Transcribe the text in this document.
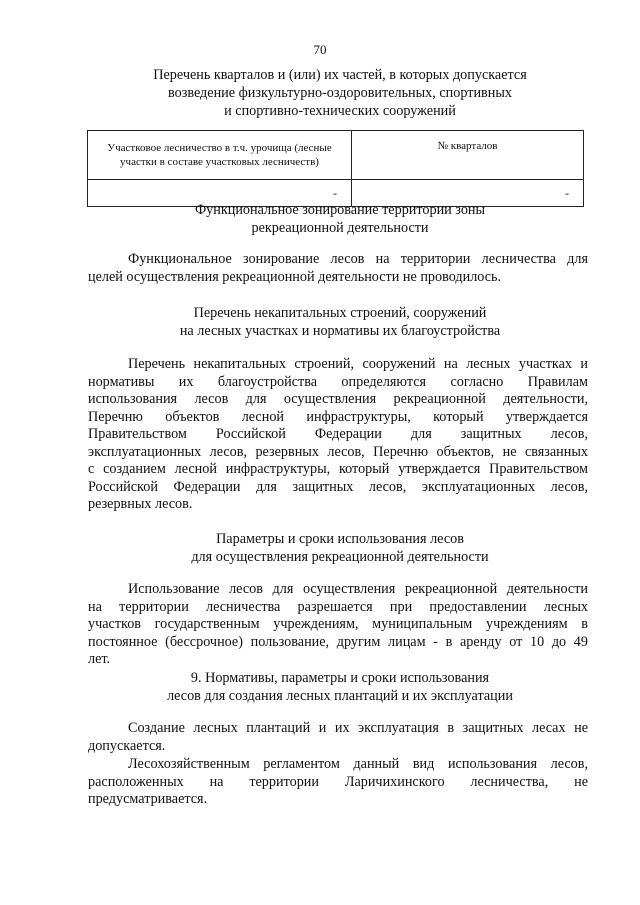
70
Перечень кварталов и (или) их частей, в которых допускается
возведение физкультурно-оздоровительных, спортивных
и спортивно-технических сооружений
Участковое лесничество в т.ч. урочища (лесные
участки в составе участковых лесничеств)	№ кварталов
-	-
Функциональное зонирование территории зоны
рекреационной деятельности
Функциональное зонирование лесов на территории лесничества для
целей осуществления рекреационной деятельности не проводилось.
Перечень некапитальных строений, сооружений
на лесных участках и нормативы их благоустройства
Перечень некапитальных строений, сооружений на лесных участках и
нормативы их благоустройства определяются согласно Правилам
использования лесов для осуществления рекреационной деятельности,
Перечню объектов лесной инфраструктуры, который утверждается
Правительством Российской Федерации для защитных лесов,
эксплуатационных лесов, резервных лесов, Перечню объектов, не связанных
с созданием лесной инфраструктуры, который утверждается Правительством
Российской Федерации для защитных лесов, эксплуатационных лесов,
резервных лесов.
Параметры и сроки использования лесов
для осуществления рекреационной деятельности
Использование лесов для осуществления рекреационной деятельности
на территории лесничества разрешается при предоставлении лесных
участков государственным учреждениям, муниципальным учреждениям в
постоянное (бессрочное) пользование, другим лицам - в аренду от 10 до 49
лет.
9. Нормативы, параметры и сроки использования
лесов для создания лесных плантаций и их эксплуатации
Создание лесных плантаций и их эксплуатация в защитных лесах не
допускается.
Лесохозяйственным регламентом данный вид использования лесов,
расположенных на территории Ларичихинского лесничества, не
предусматривается.
